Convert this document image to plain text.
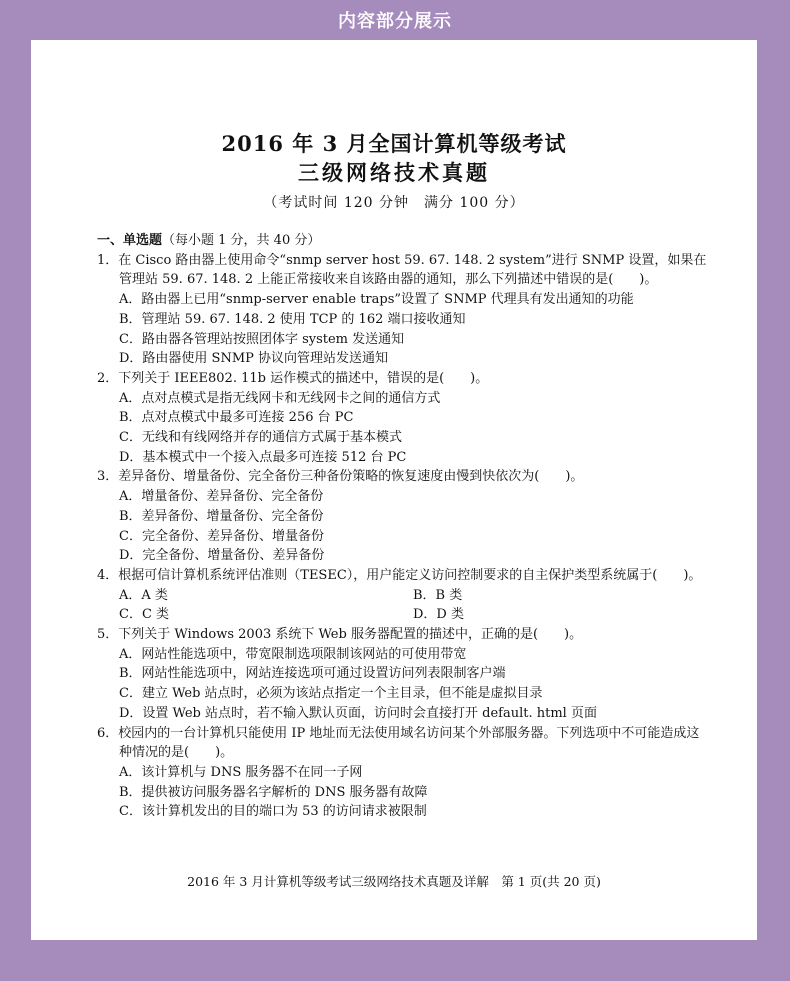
内容部分展示
2016 年 3 月全国计算机等级考试
三级网络技术真题
（考试时间 120 分钟　满分 100 分）
一、单选题（每小题 1 分，共 40 分）
1．在 Cisco 路由器上使用命令“snmp server host 59. 67. 148. 2 system”进行 SNMP 设置，如果在管理站 59. 67. 148. 2 上能正常接收来自该路由器的通知，那么下列描述中错误的是(　　)。
A．路由器上已用“snmp-server enable traps”设置了 SNMP 代理具有发出通知的功能
B．管理站 59. 67. 148. 2 使用 TCP 的 162 端口接收通知
C．路由器各管理站按照团体字 system 发送通知
D．路由器使用 SNMP 协议向管理站发送通知
2．下列关于 IEEE802. 11b 运作模式的描述中，错误的是(　　)。
A．点对点模式是指无线网卡和无线网卡之间的通信方式
B．点对点模式中最多可连接 256 台 PC
C．无线和有线网络并存的通信方式属于基本模式
D．基本模式中一个接入点最多可连接 512 台 PC
3．差异备份、增量备份、完全备份三种备份策略的恢复速度由慢到快依次为(　　)。
A．增量备份、差异备份、完全备份
B．差异备份、增量备份、完全备份
C．完全备份、差异备份、增量备份
D．完全备份、增量备份、差异备份
4．根据可信计算机系统评估准则（TESEC），用户能定义访问控制要求的自主保护类型系统属于(　　)。
A．A 类	B．B 类
C．C 类	D．D 类
5．下列关于 Windows 2003 系统下 Web 服务器配置的描述中，正确的是(　　)。
A．网站性能选项中，带宽限制选项限制该网站的可使用带宽
B．网站性能选项中，网站连接选项可通过设置访问列表限制客户端
C．建立 Web 站点时，必须为该站点指定一个主目录，但不能是虚拟目录
D．设置 Web 站点时，若不输入默认页面，访问时会直接打开 default. html 页面
6．校园内的一台计算机只能使用 IP 地址而无法使用域名访问某个外部服务器。下列选项中不可能造成这种情况的是(　　)。
A．该计算机与 DNS 服务器不在同一子网
B．提供被访问服务器名字解析的 DNS 服务器有故障
C．该计算机发出的目的端口为 53 的访问请求被限制
2016 年 3 月计算机等级考试三级网络技术真题及详解　第 1 页(共 20 页)
